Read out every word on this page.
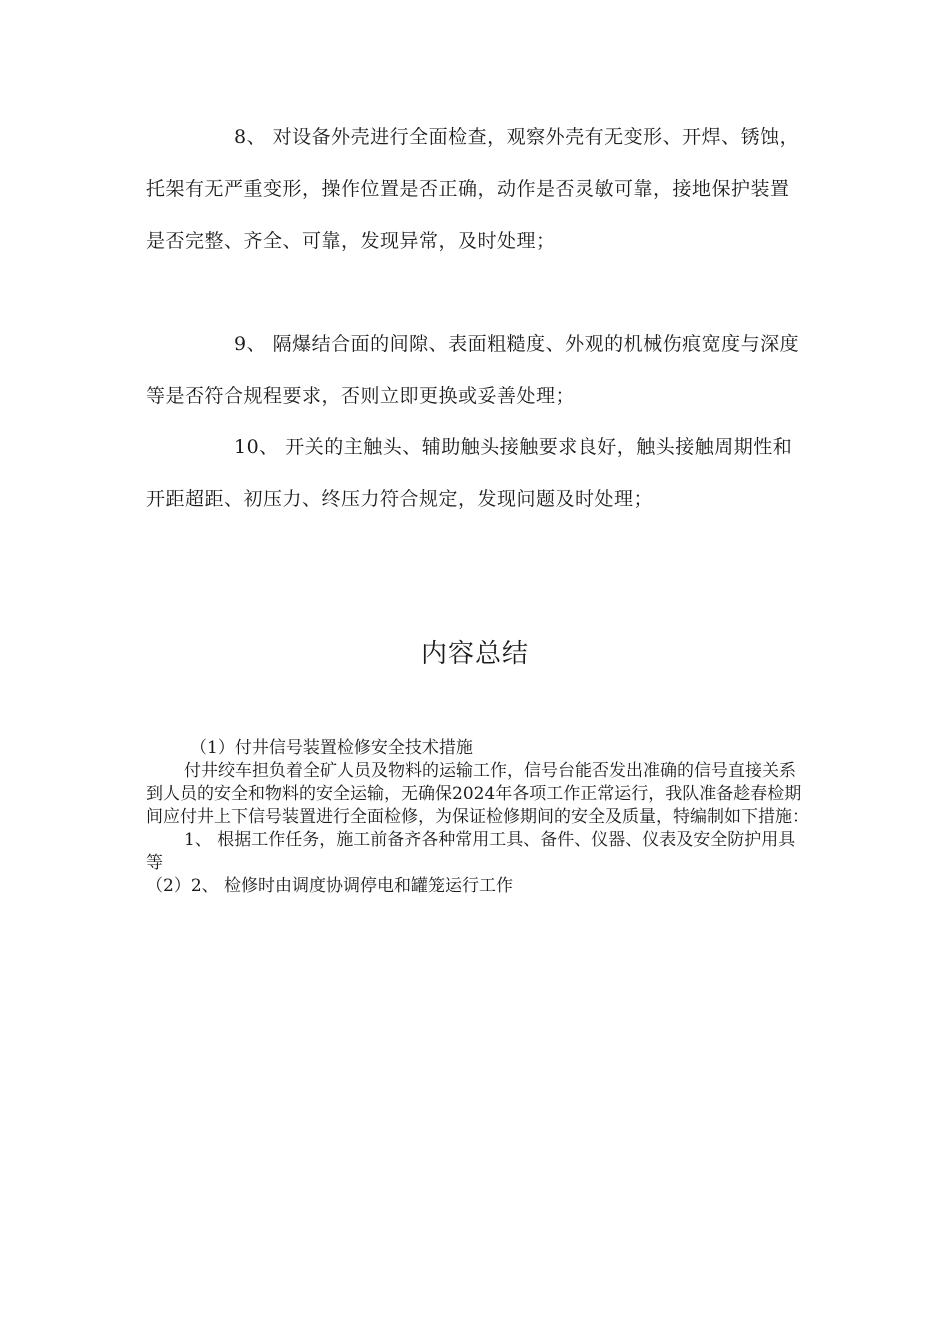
8、 对设备外壳进行全面检查，观察外壳有无变形、开焊、锈蚀，托架有无严重变形，操作位置是否正确，动作是否灵敏可靠，接地保护装置是否完整、齐全、可靠，发现异常，及时处理；

9、 隔爆结合面的间隙、表面粗糙度、外观的机械伤痕宽度与深度等是否符合规程要求，否则立即更换或妥善处理；

10、 开关的主触头、辅助触头接触要求良好，触头接触周期性和开距超距、初压力、终压力符合规定，发现问题及时处理；

内容总结

（1）付井信号装置检修安全技术措施

付井绞车担负着全矿人员及物料的运输工作，信号台能否发出准确的信号直接关系到人员的安全和物料的安全运输，无确保2024年各项工作正常运行，我队准备趁春检期间应付井上下信号装置进行全面检修，为保证检修期间的安全及质量，特编制如下措施：

1、 根据工作任务，施工前备齐各种常用工具、备件、仪器、仪表及安全防护用具等

（2）2、 检修时由调度协调停电和罐笼运行工作
